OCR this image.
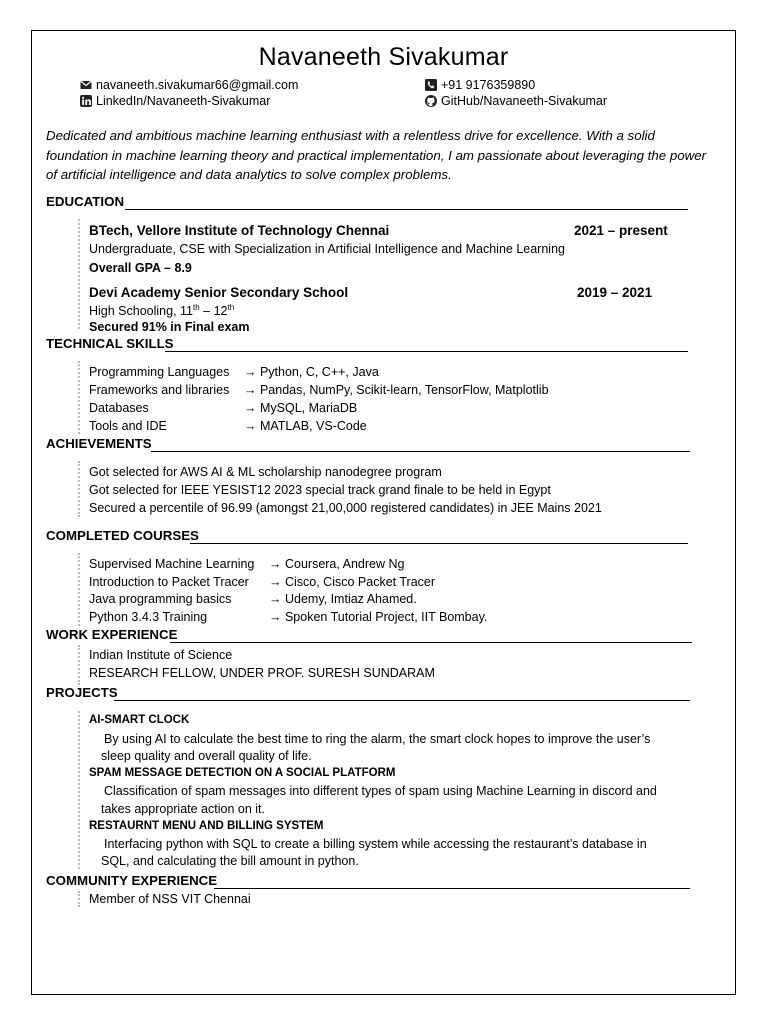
Navaneeth Sivakumar
navaneeth.sivakumar66@gmail.com
LinkedIn/Navaneeth-Sivakumar
+91 9176359890
GitHub/Navaneeth-Sivakumar
Dedicated and ambitious machine learning enthusiast with a relentless drive for excellence. With a solid foundation in machine learning theory and practical implementation, I am passionate about leveraging the power of artificial intelligence and data analytics to solve complex problems.
EDUCATION
BTech, Vellore Institute of Technology Chennai	2021 – present
Undergraduate, CSE with Specialization in Artificial Intelligence and Machine Learning
Overall GPA – 8.9
Devi Academy Senior Secondary School	2019 – 2021
High Schooling, 11th – 12th
Secured 91% in Final exam
TECHNICAL SKILLS
Programming Languages → Python, C, C++, Java
Frameworks and libraries → Pandas, NumPy, Scikit-learn, TensorFlow, Matplotlib
Databases	→ MySQL, MariaDB
Tools and IDE	→ MATLAB, VS-Code
ACHIEVEMENTS
Got selected for AWS AI & ML scholarship nanodegree program
Got selected for IEEE YESIST12 2023 special track grand finale to be held in Egypt
Secured a percentile of 96.99 (amongst 21,00,000 registered candidates) in JEE Mains 2021
COMPLETED COURSES
Supervised Machine Learning → Coursera, Andrew Ng
Introduction to Packet Tracer → Cisco, Cisco Packet Tracer
Java programming basics	→ Udemy, Imtiaz Ahamed.
Python 3.4.3 Training	→ Spoken Tutorial Project, IIT Bombay.
WORK EXPERIENCE
Indian Institute of Science
RESEARCH FELLOW, UNDER PROF. SURESH SUNDARAM
PROJECTS
AI-SMART CLOCK
By using AI to calculate the best time to ring the alarm, the smart clock hopes to improve the user’s
sleep quality and overall quality of life.
SPAM MESSAGE DETECTION ON A SOCIAL PLATFORM
Classification of spam messages into different types of spam using Machine Learning in discord and
takes appropriate action on it.
RESTAURNT MENU AND BILLING SYSTEM
Interfacing python with SQL to create a billing system while accessing the restaurant’s database in
SQL, and calculating the bill amount in python.
COMMUNITY EXPERIENCE
Member of NSS VIT Chennai
